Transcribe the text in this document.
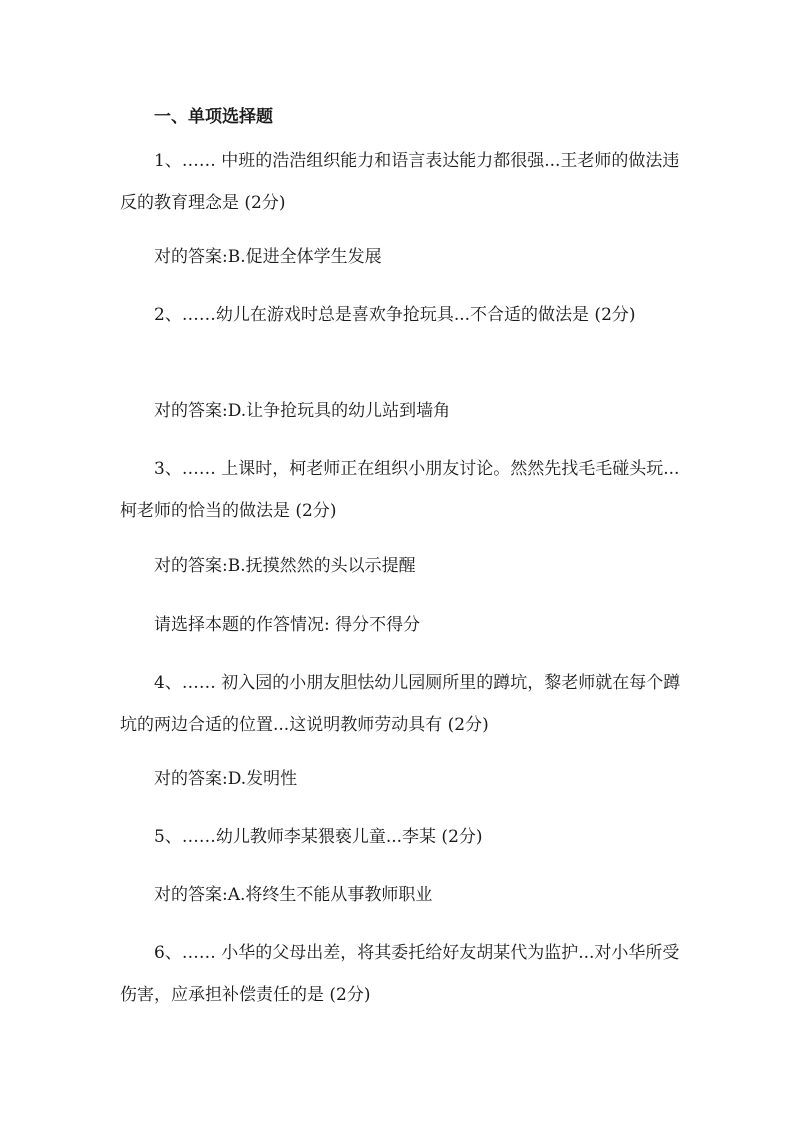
一、单项选择题

1、…… 中班的浩浩组织能力和语言表达能力都很强...王老师的做法违反的教育理念是 (2分)

对的答案:B.促进全体学生发展

2、……幼儿在游戏时总是喜欢争抢玩具...不合适的做法是 (2分)

对的答案:D.让争抢玩具的幼儿站到墙角

3、…… 上课时，柯老师正在组织小朋友讨论。然然先找毛毛碰头玩...柯老师的恰当的做法是 (2分)

对的答案:B.抚摸然然的头以示提醒

请选择本题的作答情况: 得分不得分

4、…… 初入园的小朋友胆怯幼儿园厕所里的蹲坑，黎老师就在每个蹲坑的两边合适的位置...这说明教师劳动具有 (2分)

对的答案:D.发明性

5、……幼儿教师李某猥亵儿童...李某 (2分)

对的答案:A.将终生不能从事教师职业

6、…… 小华的父母出差，将其委托给好友胡某代为监护...对小华所受伤害，应承担补偿责任的是 (2分)
